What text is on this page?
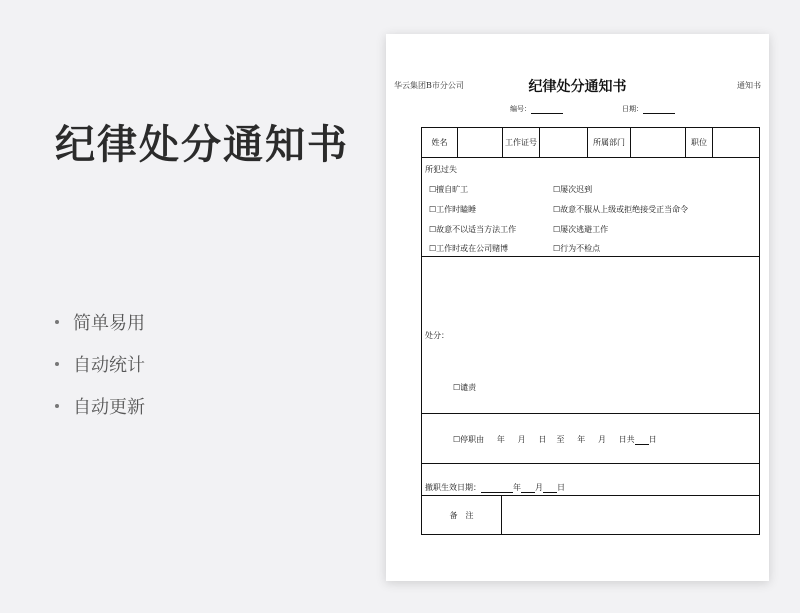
纪律处分通知书
简单易用
自动统计
自动更新
华云集团B市分公司	纪律处分通知书	通知书
编号：	日期：
姓名	工作证号	所属部门	职位
所犯过失
☐擅自旷工	☐屡次迟到
☐工作时瞌睡	☐故意不服从上级或拒绝接受正当命令
☐故意不以适当方法工作	☐屡次逃避工作
☐工作时或在公司赌博	☐行为不检点
处分：
☐谴责
☐停职由 年 月 日 至 年 月 日共 日
撤职生效日期：	年 月 日
备　注
